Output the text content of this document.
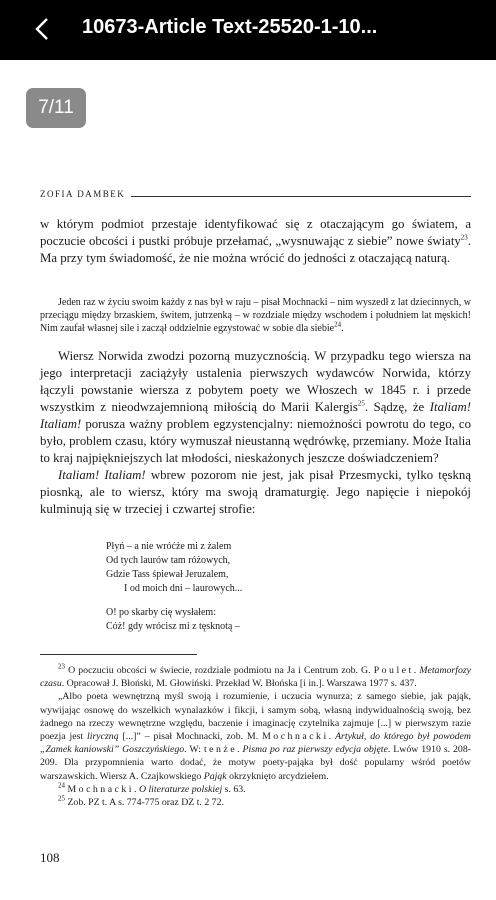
10673-Article Text-25520-1-10...
7/11
ZOFIA DAMBEK

w którym podmiot przestaje identyfikować się z otaczającym go światem, a poczucie obcości i pustki próbuje przełamać, „wysnuwając z siebie” nowe światy$^{23}$. Ma przy tym świadomość, że nie można wrócić do jedności z otaczającą naturą.

Jeden raz w życiu swoim każdy z nas był w raju – pisał Mochnacki – nim wyszedł z lat dziecinnych, w przeciągu między brzaskiem, świtem, jutrzenką – w rozdziale między wschodem i południem lat męskich! Nim zaufał własnej sile i zaczął oddzielnie egzystować w sobie dla siebie$^{24}$.

Wiersz Norwida zwodzi pozorną muzycznością. W przypadku tego wiersza na jego interpretacji zaciążyły ustalenia pierwszych wydawców Norwida, którzy łączyli powstanie wiersza z pobytem poety we Włoszech w 1845 r. i przede wszystkim z nieodwzajemnioną miłością do Marii Kalergis$^{25}$. Sądzę, że Italiam! Italiam! porusza ważny problem egzystencjalny: niemożności powrotu do tego, co było, problem czasu, który wymuszał nieustanną wędrówkę, przemiany. Może Italia to kraj najpiękniejszych lat młodości, nieskażonych jeszcze doświadczeniem?

Italiam! Italiam! wbrew pozorom nie jest, jak pisał Przesmycki, tylko tęskną piosnką, ale to wiersz, który ma swoją dramaturgię. Jego napięcie i niepokój kulminują się w trzeciej i czwartej strofie:

Płyń – a nie wróćże mi z żalem
Od tych laurów tam różowych,
Gdzie Tass śpiewał Jeruzalem,
I od moich dni – laurowych...
O! po skarby cię wysłałem:
Cóż! gdy wrócisz mi z tęsknotą –

$^{23}$ O poczuciu obcości w świecie, rozdziale podmiotu na Ja i Centrum zob. G. Poulet. Metamorfozy czasu. Opracował J. Błoński, M. Głowiński. Przekład W. Błońska [i in.]. Warszawa 1977 s. 437.

„Albo poeta wewnętrzną myśl swoją i rozumienie, i uczucia wynurza; z samego siebie, jak pająk, wywijając osnowę do wszelkich wynalazków i fikcji, i samym sobą, własną indywidualnością swoją, bez żadnego na rzeczy wewnętrzne względu, baczenie i imaginację czytelnika zajmuje [...] w pierwszym razie poezja jest liryczną [...]” – pisał Mochnacki, zob. M. Mochnacki. Artykuł, do którego był powodem „Zamek kaniowski” Goszczyńskiego. W: tenże. Pisma po raz pierwszy edycja objęte. Lwów 1910 s. 208-209. Dla przypomnienia warto dodać, że motyw poety-pająka był dość popularny wśród poetów warszawskich. Wiersz A. Czajkowskiego Pająk okrzyknięto arcydziełem.

$^{24}$ Mochnacki. O literaturze polskiej s. 63.

$^{25}$ Zob. PZ t. A s. 774-775 oraz DZ t. 2 72.

108
